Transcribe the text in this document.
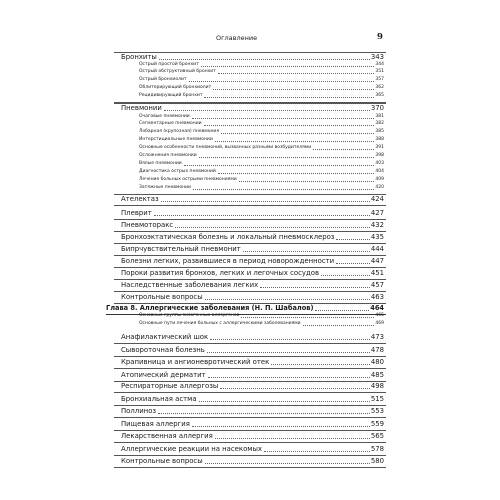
Оглавление	9
Бронхиты	343
Острый простой бронхит	344
Острый обструктивный бронхит	351
Острый бронхиолит	357
Облитерирующий бронхиолит	362
Рецидивирующий бронхит	365
Пневмонии	370
Очаговые пневмонии	381
Сегментарные пневмонии	382
Лобарная (крупозная) пневмония	385
Интерстициальные пневмонии	388
Основные особенности пневмоний, вызванных разными возбудителями	391
Осложнения пневмонии	398
Вялые пневмонии	403
Диагностика острых пневмоний	404
Лечение больных острыми пневмониями	409
Затяжные пневмонии	420
Ателектаз	424
Плеврит	427
Пневмоторакс	432
Бронхоэктатическая болезнь и локальный пневмосклероз	435
Бипрчувствительный пневмонит	444
Болезни легких, развившиеся в период новорожденности	447
Пороки развития бронхов, легких и легочных сосудов	451
Наследственные заболевания легких	457
Контрольные вопросы	463
Глава 8. Аллергические заболевания (Н. П. Шабалов)	464
Основные группы экзогенных аллергенов	465
Основные пути лечения больных с аллергическими заболеваниями	469
Анафилактический шок	473
Сывороточная болезнь	478
Крапивница и ангионевротический отек	480
Атопический дерматит	485
Респираторные аллергозы	498
Бронхиальная астма	515
Поллиноз	553
Пищевая аллергия	559
Лекарственная аллергия	565
Аллергические реакции на насекомых	578
Контрольные вопросы	580
